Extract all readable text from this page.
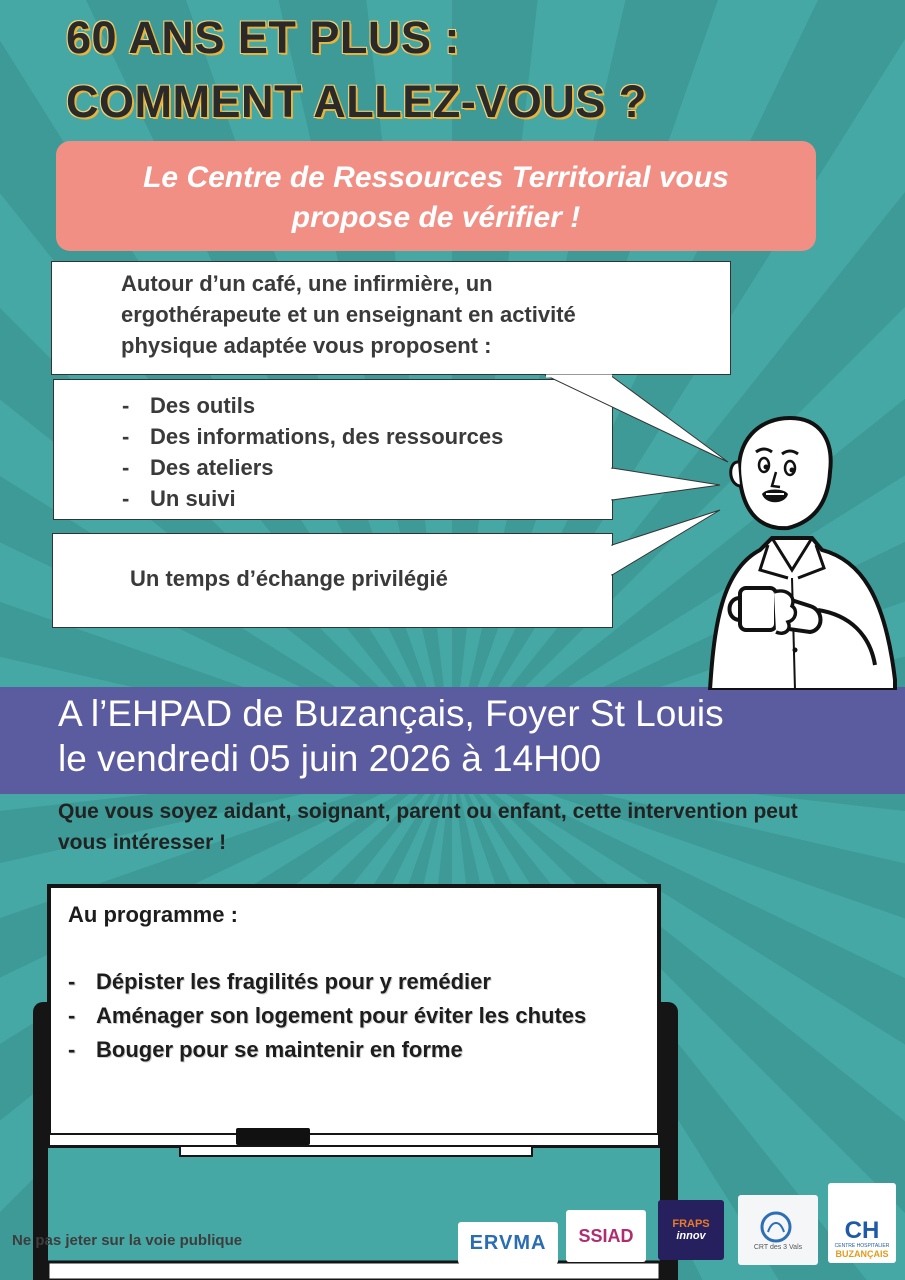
60 ANS ET PLUS :
COMMENT ALLEZ-VOUS ?
Le Centre de Ressources Territorial vous
propose de vérifier !
Autour d’un café, une infirmière, un
ergothérapeute et un enseignant en activité
physique adaptée vous proposent :
- Des outils
- Des informations, des ressources
- Des ateliers
- Un suivi
Un temps d’échange privilégié
A l’EHPAD de Buzançais, Foyer St Louis
le vendredi 05 juin 2026 à 14H00
Que vous soyez aidant, soignant, parent ou enfant, cette intervention peut vous intéresser !
Au programme :
- Dépister les fragilités pour y remédier
- Aménager son logement pour éviter les chutes
- Bouger pour se maintenir en forme
Ne pas jeter sur la voie publique	ERVMA SSIAD
FRAPS
innov
CRT des 3 Vals
CH
CENTRE HOSPITALIER
BUZANÇAIS
